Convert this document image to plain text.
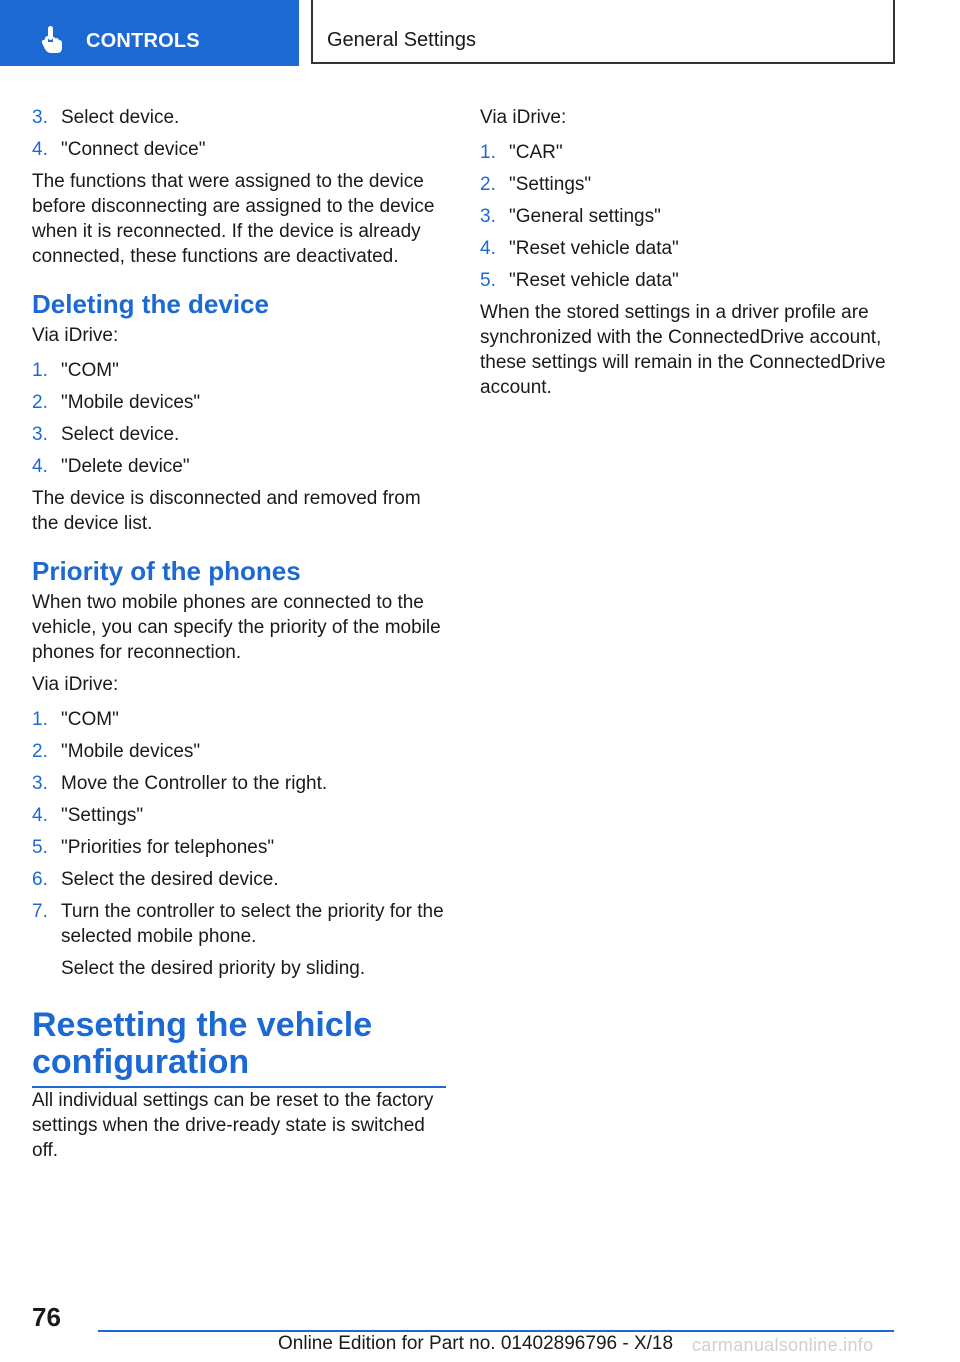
CONTROLS	General Settings
3. Select device.
4. "Connect device"

The functions that were assigned to the device before disconnecting are assigned to the device when it is reconnected. If the device is already connected, these functions are deactivated.

Deleting the device

Via iDrive:

1. "COM"
2. "Mobile devices"
3. Select device.
4. "Delete device"

The device is disconnected and removed from the device list.

Priority of the phones

When two mobile phones are connected to the vehicle, you can specify the priority of the mobile phones for reconnection.

Via iDrive:

1. "COM"
2. "Mobile devices"
3. Move the Controller to the right.
4. "Settings"
5. "Priorities for telephones"
6. Select the desired device.
7. Turn the controller to select the priority for the selected mobile phone.
Select the desired priority by sliding.
Resetting the vehicle configuration

All individual settings can be reset to the factory settings when the drive-ready state is switched off.

Via iDrive:

1. "CAR"
2. "Settings"
3. "General settings"
4. "Reset vehicle data"
5. "Reset vehicle data"

When the stored settings in a driver profile are synchronized with the ConnectedDrive account, these settings will remain in the ConnectedDrive account.

76
Online Edition for Part no. 01402896796 - X/18 carmanualsonline.info
